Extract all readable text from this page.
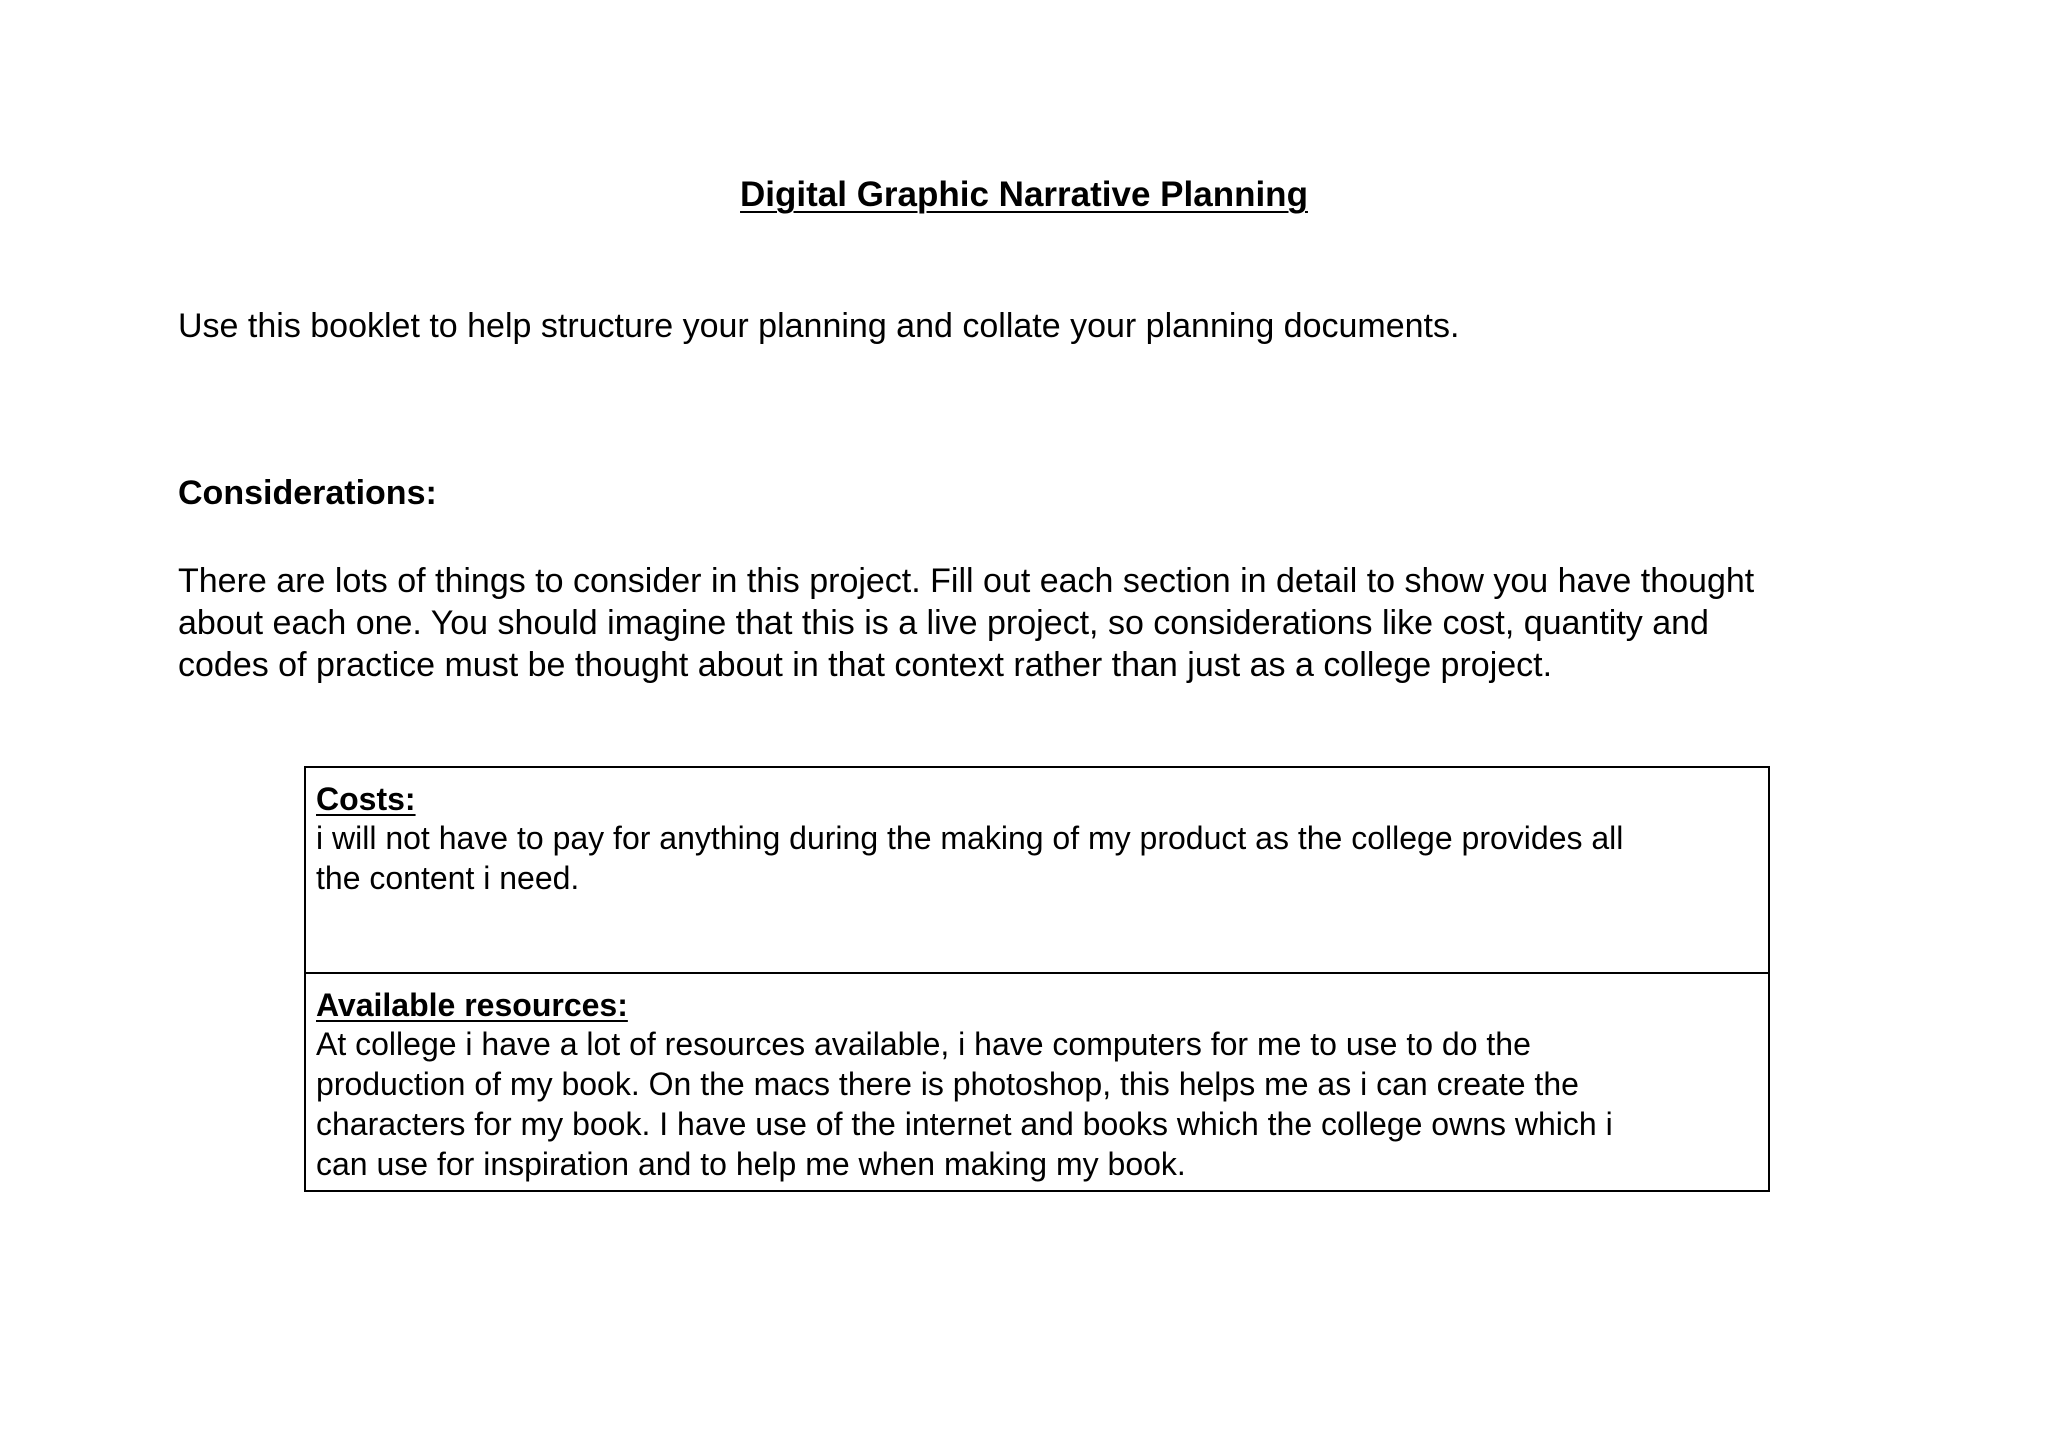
Digital Graphic Narrative Planning
Use this booklet to help structure your planning and collate your planning documents.
Considerations:
There are lots of things to consider in this project. Fill out each section in detail to show you have thought
about each one. You should imagine that this is a live project, so considerations like cost, quantity and
codes of practice must be thought about in that context rather than just as a college project.
Costs:
i will not have to pay for anything during the making of my product as the college provides all
the content i need.
Available resources:
At college i have a lot of resources available, i have computers for me to use to do the
production of my book. On the macs there is photoshop, this helps me as i can create the
characters for my book. I have use of the internet and books which the college owns which i
can use for inspiration and to help me when making my book.
